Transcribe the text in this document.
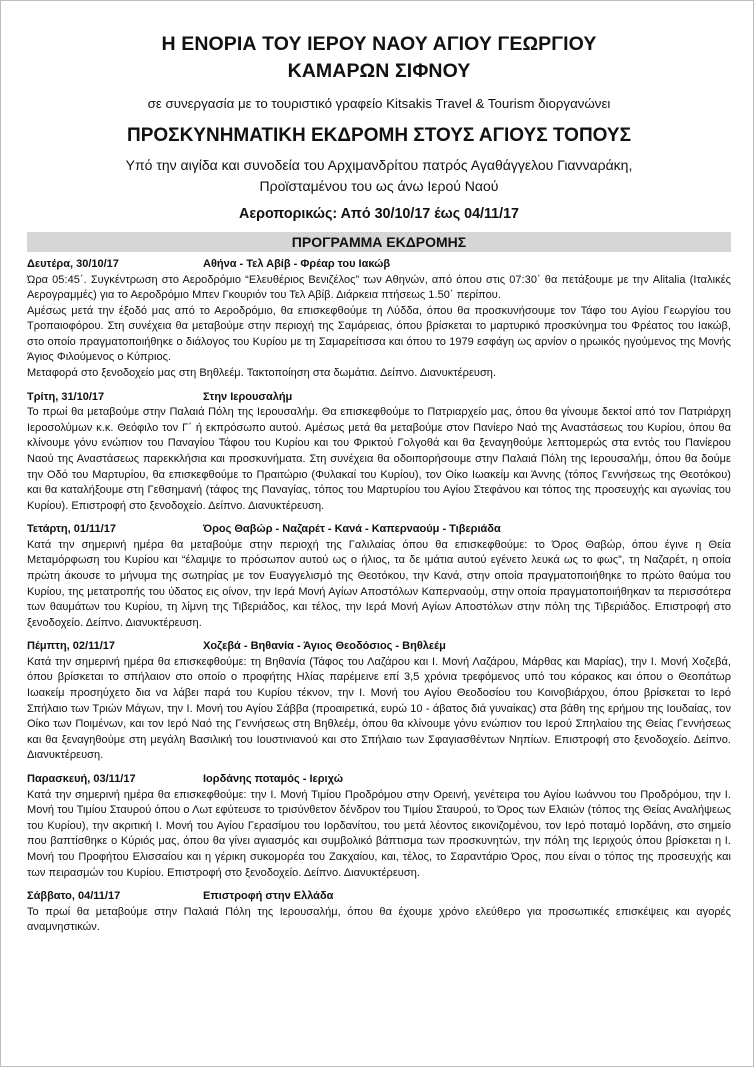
Η ΕΝΟΡΙΑ ΤΟΥ ΙΕΡΟΥ ΝΑΟΥ ΑΓΙΟΥ ΓΕΩΡΓΙΟΥ
ΚΑΜΑΡΩΝ ΣΙΦΝΟΥ
σε συνεργασία με το τουριστικό γραφείο Kitsakis Travel & Tourism διοργανώνει
ΠΡΟΣΚΥΝΗΜΑΤΙΚΗ ΕΚΔΡΟΜΗ ΣΤΟΥΣ ΑΓΙΟΥΣ ΤΟΠΟΥΣ
Υπό την αιγίδα και συνοδεία του Αρχιμανδρίτου πατρός Αγαθάγγελου Γιανναράκη,
Προϊσταμένου του ως άνω Ιερού Ναού
Αεροπορικώς: Από 30/10/17 έως 04/11/17
ΠΡΟΓΡΑΜΜΑ ΕΚΔΡΟΜΗΣ
Δευτέρα, 30/10/17	Αθήνα - Τελ Αβίβ - Φρέαρ του Ιακώβ

Ώρα 05:45΄. Συγκέντρωση στο Αεροδρόμιο “Ελευθέριος Βενιζέλος” των Αθηνών, από όπου στις 07:30΄ θα πετάξουμε με την Alitalia (Ιταλικές Αερογραμμές) για το Αεροδρόμιο Μπεν Γκουριόν του Τελ Αβίβ. Διάρκεια πτήσεως 1.50΄ περίπου.

Αμέσως μετά την έξοδό μας από το Αεροδρόμιο, θα επισκεφθούμε τη Λύδδα, όπου θα προσκυνήσουμε τον Τάφο του Αγίου Γεωργίου του Τροπαιοφόρου. Στη συνέχεια θα μεταβούμε στην περιοχή της Σαμάρειας, όπου βρίσκεται το μαρτυρικό προσκύνημα του Φρέατος του Ιακώβ, στο οποίο πραγματοποιήθηκε ο διάλογος του Κυρίου με τη Σαμαρείτισσα και όπου το 1979 εσφάγη ως αρνίον ο ηρωικός ηγούμενος της Μονής Άγιος Φιλούμενος ο Κύπριος.

Μεταφορά στο ξενοδοχείο μας στη Βηθλεέμ. Τακτοποίηση στα δωμάτια. Δείπνο. Διανυκτέρευση.

Τρίτη, 31/10/17	Στην Ιερουσαλήμ

Το πρωί θα μεταβούμε στην Παλαιά Πόλη της Ιερουσαλήμ. Θα επισκεφθούμε το Πατριαρχείο μας, όπου θα γίνουμε δεκτοί από τον Πατριάρχη Ιεροσολύμων κ.κ. Θεόφιλο τον Γ΄ ή εκπρόσωπο αυτού. Αμέσως μετά θα μεταβούμε στον Πανίερο Ναό της Αναστάσεως του Κυρίου, όπου θα κλίνουμε γόνυ ενώπιον του Παναγίου Τάφου του Κυρίου και του Φρικτού Γολγοθά και θα ξεναγηθούμε λεπτομερώς στα εντός του Πανίερου Ναού της Αναστάσεως παρεκκλήσια και προσκυνήματα. Στη συνέχεια θα οδοιπορήσουμε στην Παλαιά Πόλη της Ιερουσαλήμ, όπου θα δούμε την Οδό του Μαρτυρίου, θα επισκεφθούμε το Πραιτώριο (Φυλακαί του Κυρίου), τον Οίκο Ιωακείμ και Άννης (τόπος Γεννήσεως της Θεοτόκου) και θα καταλήξουμε στη Γεθσημανή (τάφος της Παναγίας, τόπος του Μαρτυρίου του Αγίου Στεφάνου και τόπος της προσευχής και αγωνίας του Κυρίου). Επιστροφή στο ξενοδοχείο. Δείπνο. Διανυκτέρευση.

Τετάρτη, 01/11/17	Όρος Θαβώρ - Ναζαρέτ - Κανά - Καπερναούμ - Τιβεριάδα

Κατά την σημερινή ημέρα θα μεταβούμε στην περιοχή της Γαλιλαίας όπου θα επισκεφθούμε: το Όρος Θαβώρ, όπου έγινε η Θεία Μεταμόρφωση του Κυρίου και “έλαμψε το πρόσωπον αυτού ως ο ήλιος, τα δε ιμάτια αυτού εγένετο λευκά ως το φως”, τη Ναζαρέτ, η οποία πρώτη άκουσε το μήνυμα της σωτηρίας με τον Ευαγγελισμό της Θεοτόκου, την Κανά, στην οποία πραγματοποιήθηκε το πρώτο θαύμα του Κυρίου, της μετατροπής του ύδατος εις οίνον, την Ιερά Μονή Αγίων Αποστόλων Καπερναούμ, στην οποία πραγματοποιήθηκαν τα περισσότερα των θαυμάτων του Κυρίου, τη λίμνη της Τιβεριάδος, και τέλος, την Ιερά Μονή Αγίων Αποστόλων στην πόλη της Τιβεριάδος. Επιστροφή στο ξενοδοχείο. Δείπνο. Διανυκτέρευση.

Πέμπτη, 02/11/17	Χοζεβά - Βηθανία - Άγιος Θεοδόσιος - Βηθλεέμ

Κατά την σημερινή ημέρα θα επισκεφθούμε: τη Βηθανία (Τάφος του Λαζάρου και Ι. Μονή Λαζάρου, Μάρθας και Μαρίας), την Ι. Μονή Χοζεβά, όπου βρίσκεται το σπήλαιον στο οποίο ο προφήτης Ηλίας παρέμεινε επί 3,5 χρόνια τρεφόμενος υπό του κόρακος και όπου ο Θεοπάτωρ Ιωακείμ προσηύχετο δια να λάβει παρά του Κυρίου τέκνον, την Ι. Μονή του Αγίου Θεοδοσίου του Κοινοβιάρχου, όπου βρίσκεται το Ιερό Σπήλαιο των Τριών Μάγων, την Ι. Μονή του Αγίου Σάββα (προαιρετικά, ευρώ 10 - άβατος διά γυναίκας) στα βάθη της ερήμου της Ιουδαίας, τον Οίκο των Ποιμένων, και τον Ιερό Ναό της Γεννήσεως στη Βηθλεέμ, όπου θα κλίνουμε γόνυ ενώπιον του Ιερού Σπηλαίου της Θείας Γεννήσεως και θα ξεναγηθούμε στη μεγάλη Βασιλική του Ιουστινιανού και στο Σπήλαιο των Σφαγιασθέντων Νηπίων. Επιστροφή στο ξενοδοχείο. Δείπνο. Διανυκτέρευση.

Παρασκευή, 03/11/17	Ιορδάνης ποταμός - Ιεριχώ

Κατά την σημερινή ημέρα θα επισκεφθούμε: την Ι. Μονή Τιμίου Προδρόμου στην Ορεινή, γενέτειρα του Αγίου Ιωάννου του Προδρόμου, την Ι. Μονή του Τιμίου Σταυρού όπου ο Λωτ εφύτευσε το τρισύνθετον δένδρον του Τιμίου Σταυρού, το Όρος των Ελαιών (τόπος της Θείας Αναλήψεως του Κυρίου), την ακριτική Ι. Μονή του Αγίου Γερασίμου του Ιορδανίτου, του μετά λέοντος εικονιζομένου, τον Ιερό ποταμό Ιορδάνη, στο σημείο που βαπτίσθηκε ο Κύριός μας, όπου θα γίνει αγιασμός και συμβολικό βάπτισμα των προσκυνητών, την πόλη της Ιεριχούς όπου βρίσκεται η Ι. Μονή του Προφήτου Ελισσαίου και η γέρικη συκομορέα του Ζακχαίου, και, τέλος, το Σαραντάριο Όρος, που είναι ο τόπος της προσευχής και των πειρασμών του Κυρίου. Επιστροφή στο ξενοδοχείο. Δείπνο. Διανυκτέρευση.

Σάββατο, 04/11/17	Επιστροφή στην Ελλάδα

Το πρωί θα μεταβούμε στην Παλαιά Πόλη της Ιερουσαλήμ, όπου θα έχουμε χρόνο ελεύθερο για προσωπικές επισκέψεις και αγορές αναμνηστικών.
